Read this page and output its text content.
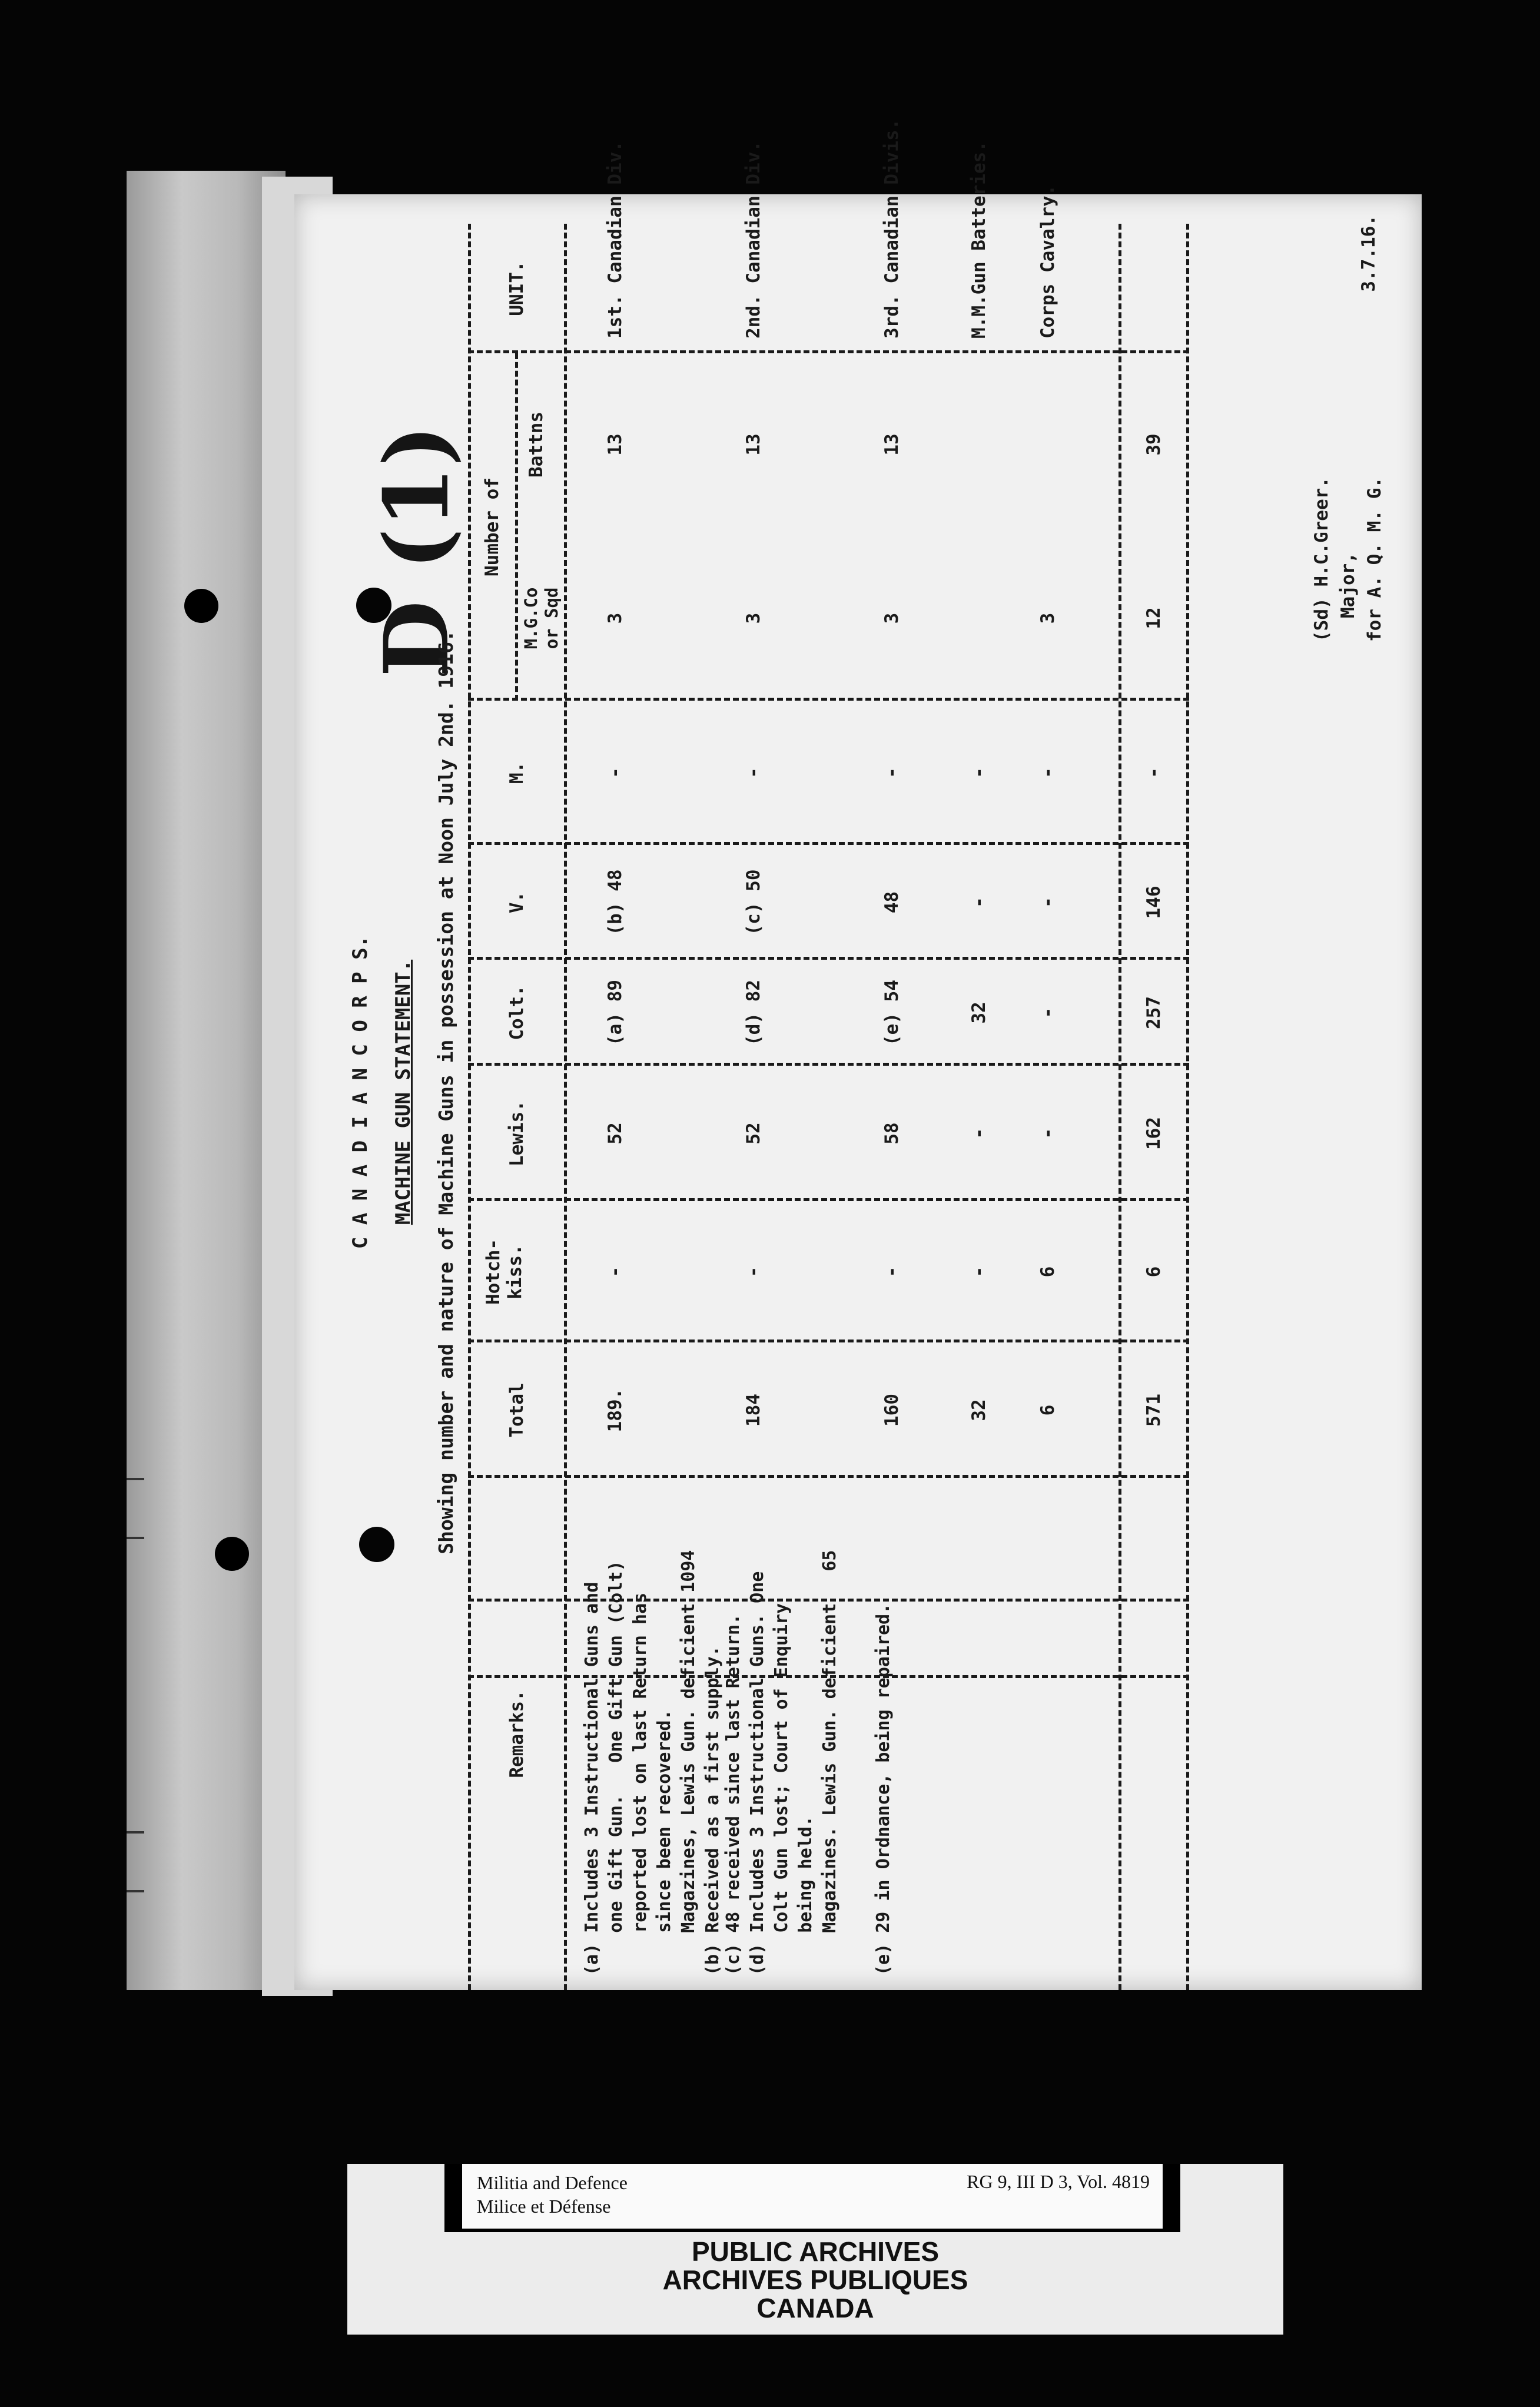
D (1)
C A N A D I A N C O R P S. MACHINE GUN STATEMENT. Showing number and nature of Machine Guns in possession at Noon July 2nd. 1916.
UNIT.
Number of
Battns
M.G.Co or Sqd
M.
V.
Colt.
Lewis.
Hotch- kiss.
Total
Remarks.
1st. Canadian Div.
13
3
-
(b) 48
(a) 89
52
-
189.
2nd. Canadian Div.
13
3
-
(c) 50
(d) 82
52
-
184
3rd. Canadian Divis.
13
3
-
48
(e) 54
58
-
160
M.M.Gun Batteries.
-
-
32
-
-
32
Corps Cavalry.
3
-
-
-
-
6
6
39
12
-
146
257
162
6
571
(a) Includes 3 Instructional Guns and
one Gift Gun.   One Gift Gun (Colt)
reported lost on last Return has
since been recovered.
Magazines, Lewis Gun. deficient 1094
(b) Received as a first supply.
(c) 48 received since last Return.
(d) Includes 3 Instructional Guns. One
Colt Gun lost; Court of Enquiry
being held.
Magazines. Lewis Gun. deficient   65
(e) 29 in Ordnance, being repaired.
(Sd) H.C.Greer. Major, for A. Q. M. G.
3.7.16.
Militia and Defence
Milice et Défense
RG 9, III D 3, Vol. 4819
PUBLIC ARCHIVES
ARCHIVES PUBLIQUES
CANADA
